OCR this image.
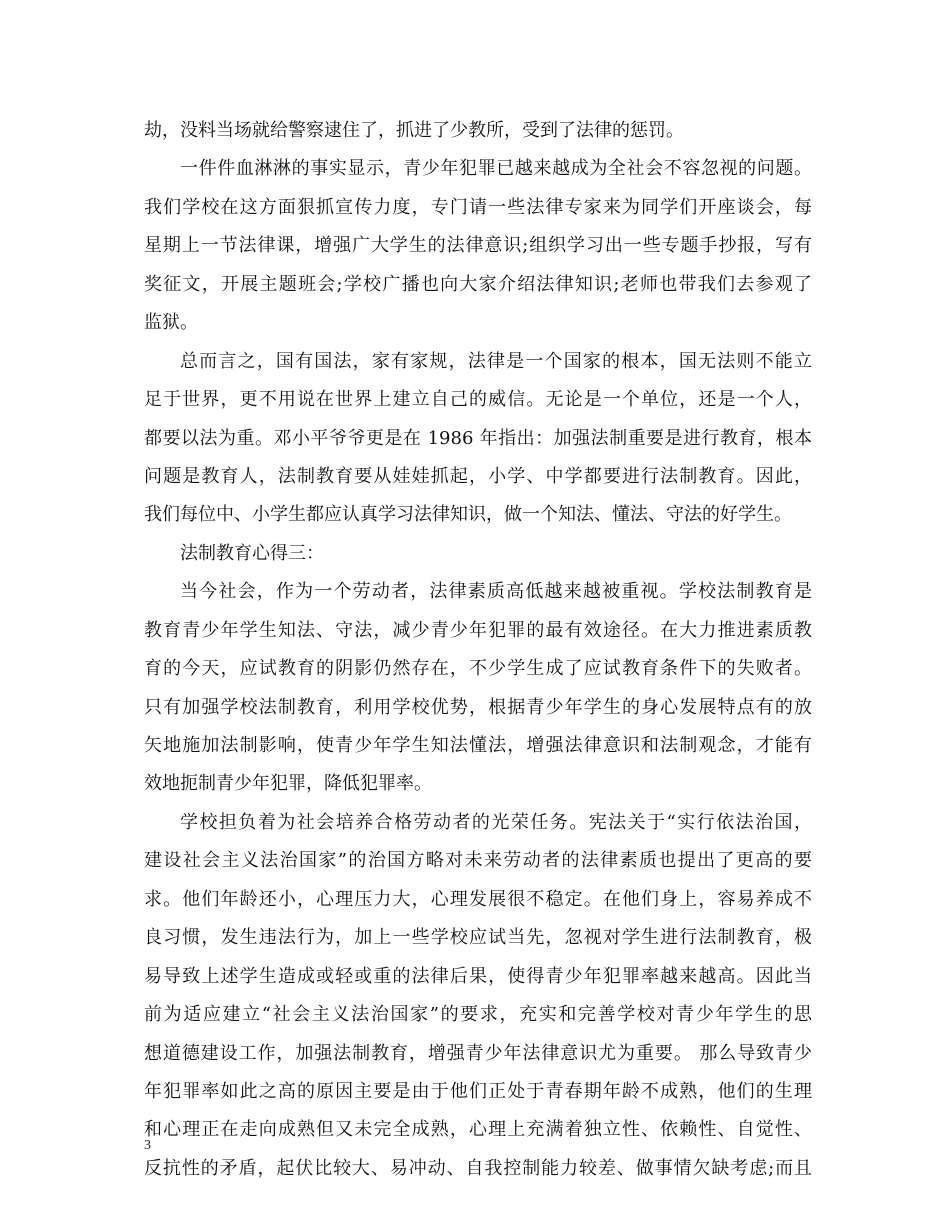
劫，没料当场就给警察逮住了，抓进了少教所，受到了法律的惩罚。
一件件血淋淋的事实显示，青少年犯罪已越来越成为全社会不容忽视的问题。
我们学校在这方面狠抓宣传力度，专门请一些法律专家来为同学们开座谈会，每
星期上一节法律课，增强广大学生的法律意识;组织学习出一些专题手抄报，写有
奖征文，开展主题班会;学校广播也向大家介绍法律知识;老师也带我们去参观了
监狱。
总而言之，国有国法，家有家规，法律是一个国家的根本，国无法则不能立
足于世界，更不用说在世界上建立自己的威信。无论是一个单位，还是一个人，
都要以法为重。邓小平爷爷更是在 1986 年指出：加强法制重要是进行教育，根本
问题是教育人，法制教育要从娃娃抓起，小学、中学都要进行法制教育。因此，
我们每位中、小学生都应认真学习法律知识，做一个知法、懂法、守法的好学生。
法制教育心得三：
当今社会，作为一个劳动者，法律素质高低越来越被重视。学校法制教育是
教育青少年学生知法、守法，减少青少年犯罪的最有效途径。在大力推进素质教
育的今天，应试教育的阴影仍然存在，不少学生成了应试教育条件下的失败者。
只有加强学校法制教育，利用学校优势，根据青少年学生的身心发展特点有的放
矢地施加法制影响，使青少年学生知法懂法，增强法律意识和法制观念，才能有
效地扼制青少年犯罪，降低犯罪率。
学校担负着为社会培养合格劳动者的光荣任务。宪法关于“实行依法治国，
建设社会主义法治国家”的治国方略对未来劳动者的法律素质也提出了更高的要
求。他们年龄还小，心理压力大，心理发展很不稳定。在他们身上，容易养成不
良习惯，发生违法行为，加上一些学校应试当先，忽视对学生进行法制教育，极
易导致上述学生造成或轻或重的法律后果，使得青少年犯罪率越来越高。因此当
前为适应建立“社会主义法治国家”的要求，充实和完善学校对青少年学生的思
想道德建设工作，加强法制教育，增强青少年法律意识尤为重要。 那么导致青少
年犯罪率如此之高的原因主要是由于他们正处于青春期年龄不成熟，他们的生理
和心理正在走向成熟但又未完全成熟，心理上充满着独立性、依赖性、自觉性、
反抗性的矛盾，起伏比较大、易冲动、自我控制能力较差、做事情欠缺考虑;而且
3
